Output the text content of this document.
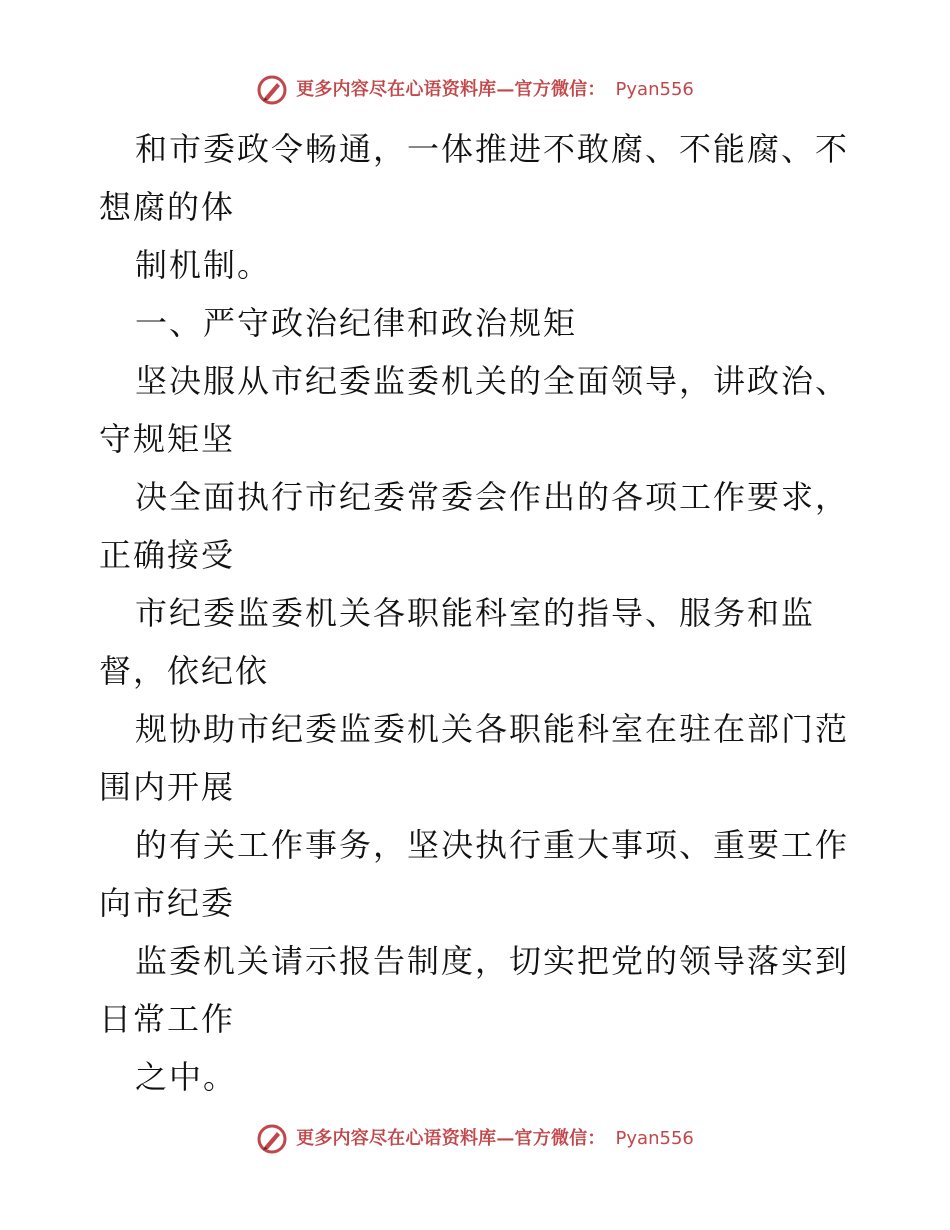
更多内容尽在心语资料库—官方微信： Pyan556
和市委政令畅通，一体推进不敢腐、不能腐、不
想腐的体
制机制。
一、严守政治纪律和政治规矩
坚决服从市纪委监委机关的全面领导，讲政治、
守规矩坚
决全面执行市纪委常委会作出的各项工作要求，
正确接受
市纪委监委机关各职能科室的指导、服务和监
督，依纪依
规协助市纪委监委机关各职能科室在驻在部门范
围内开展
的有关工作事务，坚决执行重大事项、重要工作
向市纪委
监委机关请示报告制度，切实把党的领导落实到
日常工作
之中。
更多内容尽在心语资料库—官方微信： Pyan556
